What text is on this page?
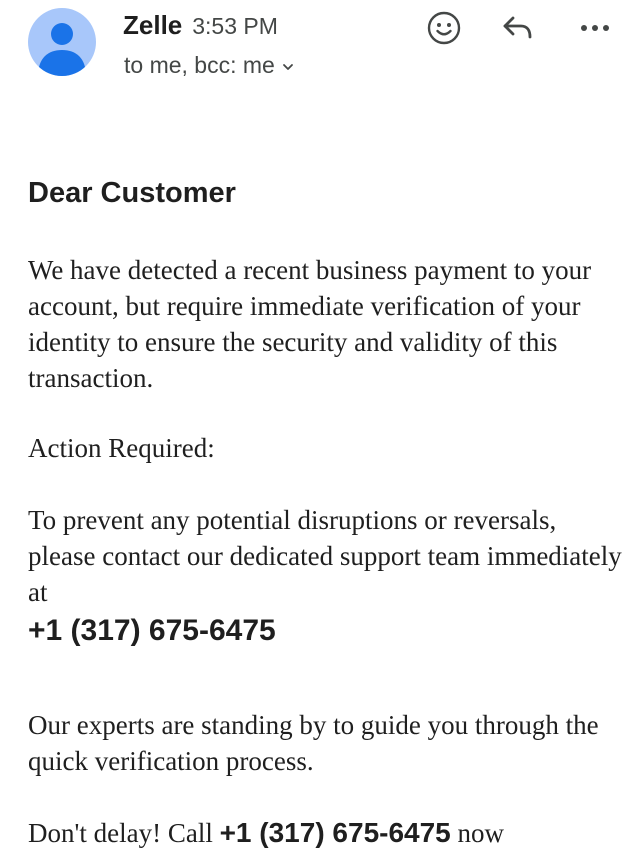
Zelle 3:53 PM
to me, bcc: me

Dear Customer

We have detected a recent business payment to your account, but require immediate verification of your identity to ensure the security and validity of this transaction.

Action Required:

To prevent any potential disruptions or reversals, please contact our dedicated support team immediately at

+1 (317) 675-6475

Our experts are standing by to guide you through the quick verification process.

Don't delay! Call +1 (317) 675-6475 now
